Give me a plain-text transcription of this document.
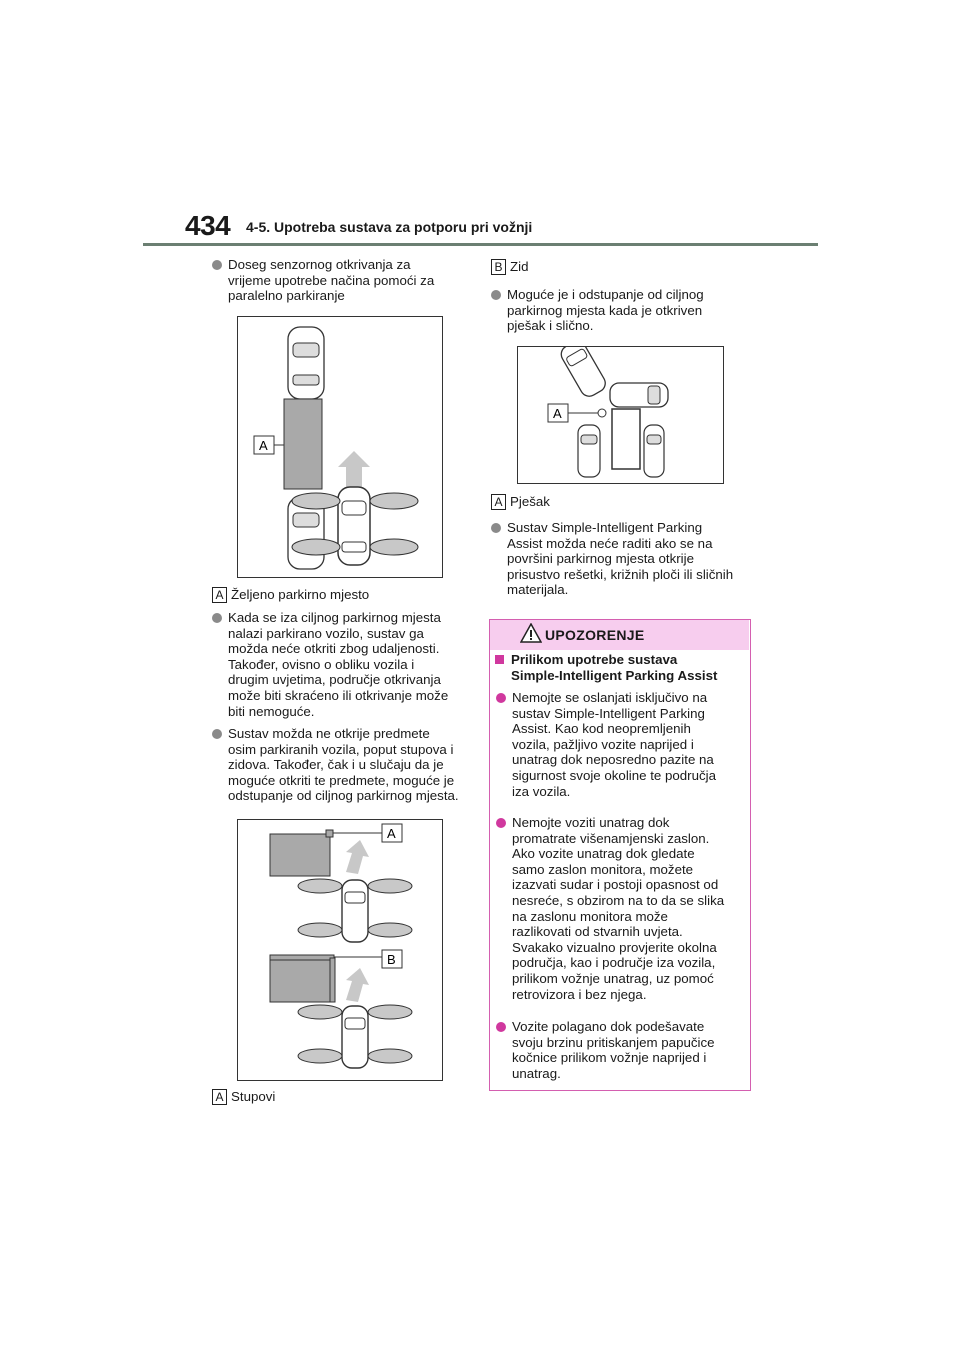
434 4-5. Upotreba sustava za potporu pri vožnji
Doseg senzornog otkrivanja za
vrijeme upotrebe načina pomoći za
paralelno parkiranje
A
A Željeno parkirno mjesto
Kada se iza ciljnog parkirnog mjesta
nalazi parkirano vozilo, sustav ga
možda neće otkriti zbog udaljenosti.
Također, ovisno o obliku vozila i
drugim uvjetima, područje otkrivanja
može biti skraćeno ili otkrivanje može
biti nemoguće.
Sustav možda ne otkrije predmete
osim parkiranih vozila, poput stupova i
zidova. Također, čak i u slučaju da je
moguće otkriti te predmete, moguće je
odstupanje od ciljnog parkirnog mjesta.
A
B
A Stupovi
B Zid
Moguće je i odstupanje od ciljnog
parkirnog mjesta kada je otkriven
pješak i slično.
A
A Pješak
Sustav Simple-Intelligent Parking
Assist možda neće raditi ako se na
površini parkirnog mjesta otkrije
prisustvo rešetki, križnih ploči ili sličnih
materijala.
UPOZORENJE
Prilikom upotrebe sustava
Simple-Intelligent Parking Assist
Nemojte se oslanjati isključivo na
sustav Simple-Intelligent Parking
Assist. Kao kod neopremljenih
vozila, pažljivo vozite naprijed i
unatrag dok neposredno pazite na
sigurnost svoje okoline te područja
iza vozila.
Nemojte voziti unatrag dok
promatrate višenamjenski zaslon.
Ako vozite unatrag dok gledate
samo zaslon monitora, možete
izazvati sudar i postoji opasnost od
nesreće, s obzirom na to da se slika
na zaslonu monitora može
razlikovati od stvarnih uvjeta.
Svakako vizualno provjerite okolna
područja, kao i područje iza vozila,
prilikom vožnje unatrag, uz pomoć
retrovizora i bez njega.
Vozite polagano dok podešavate
svoju brzinu pritiskanjem papučice
kočnice prilikom vožnje naprijed i
unatrag.
